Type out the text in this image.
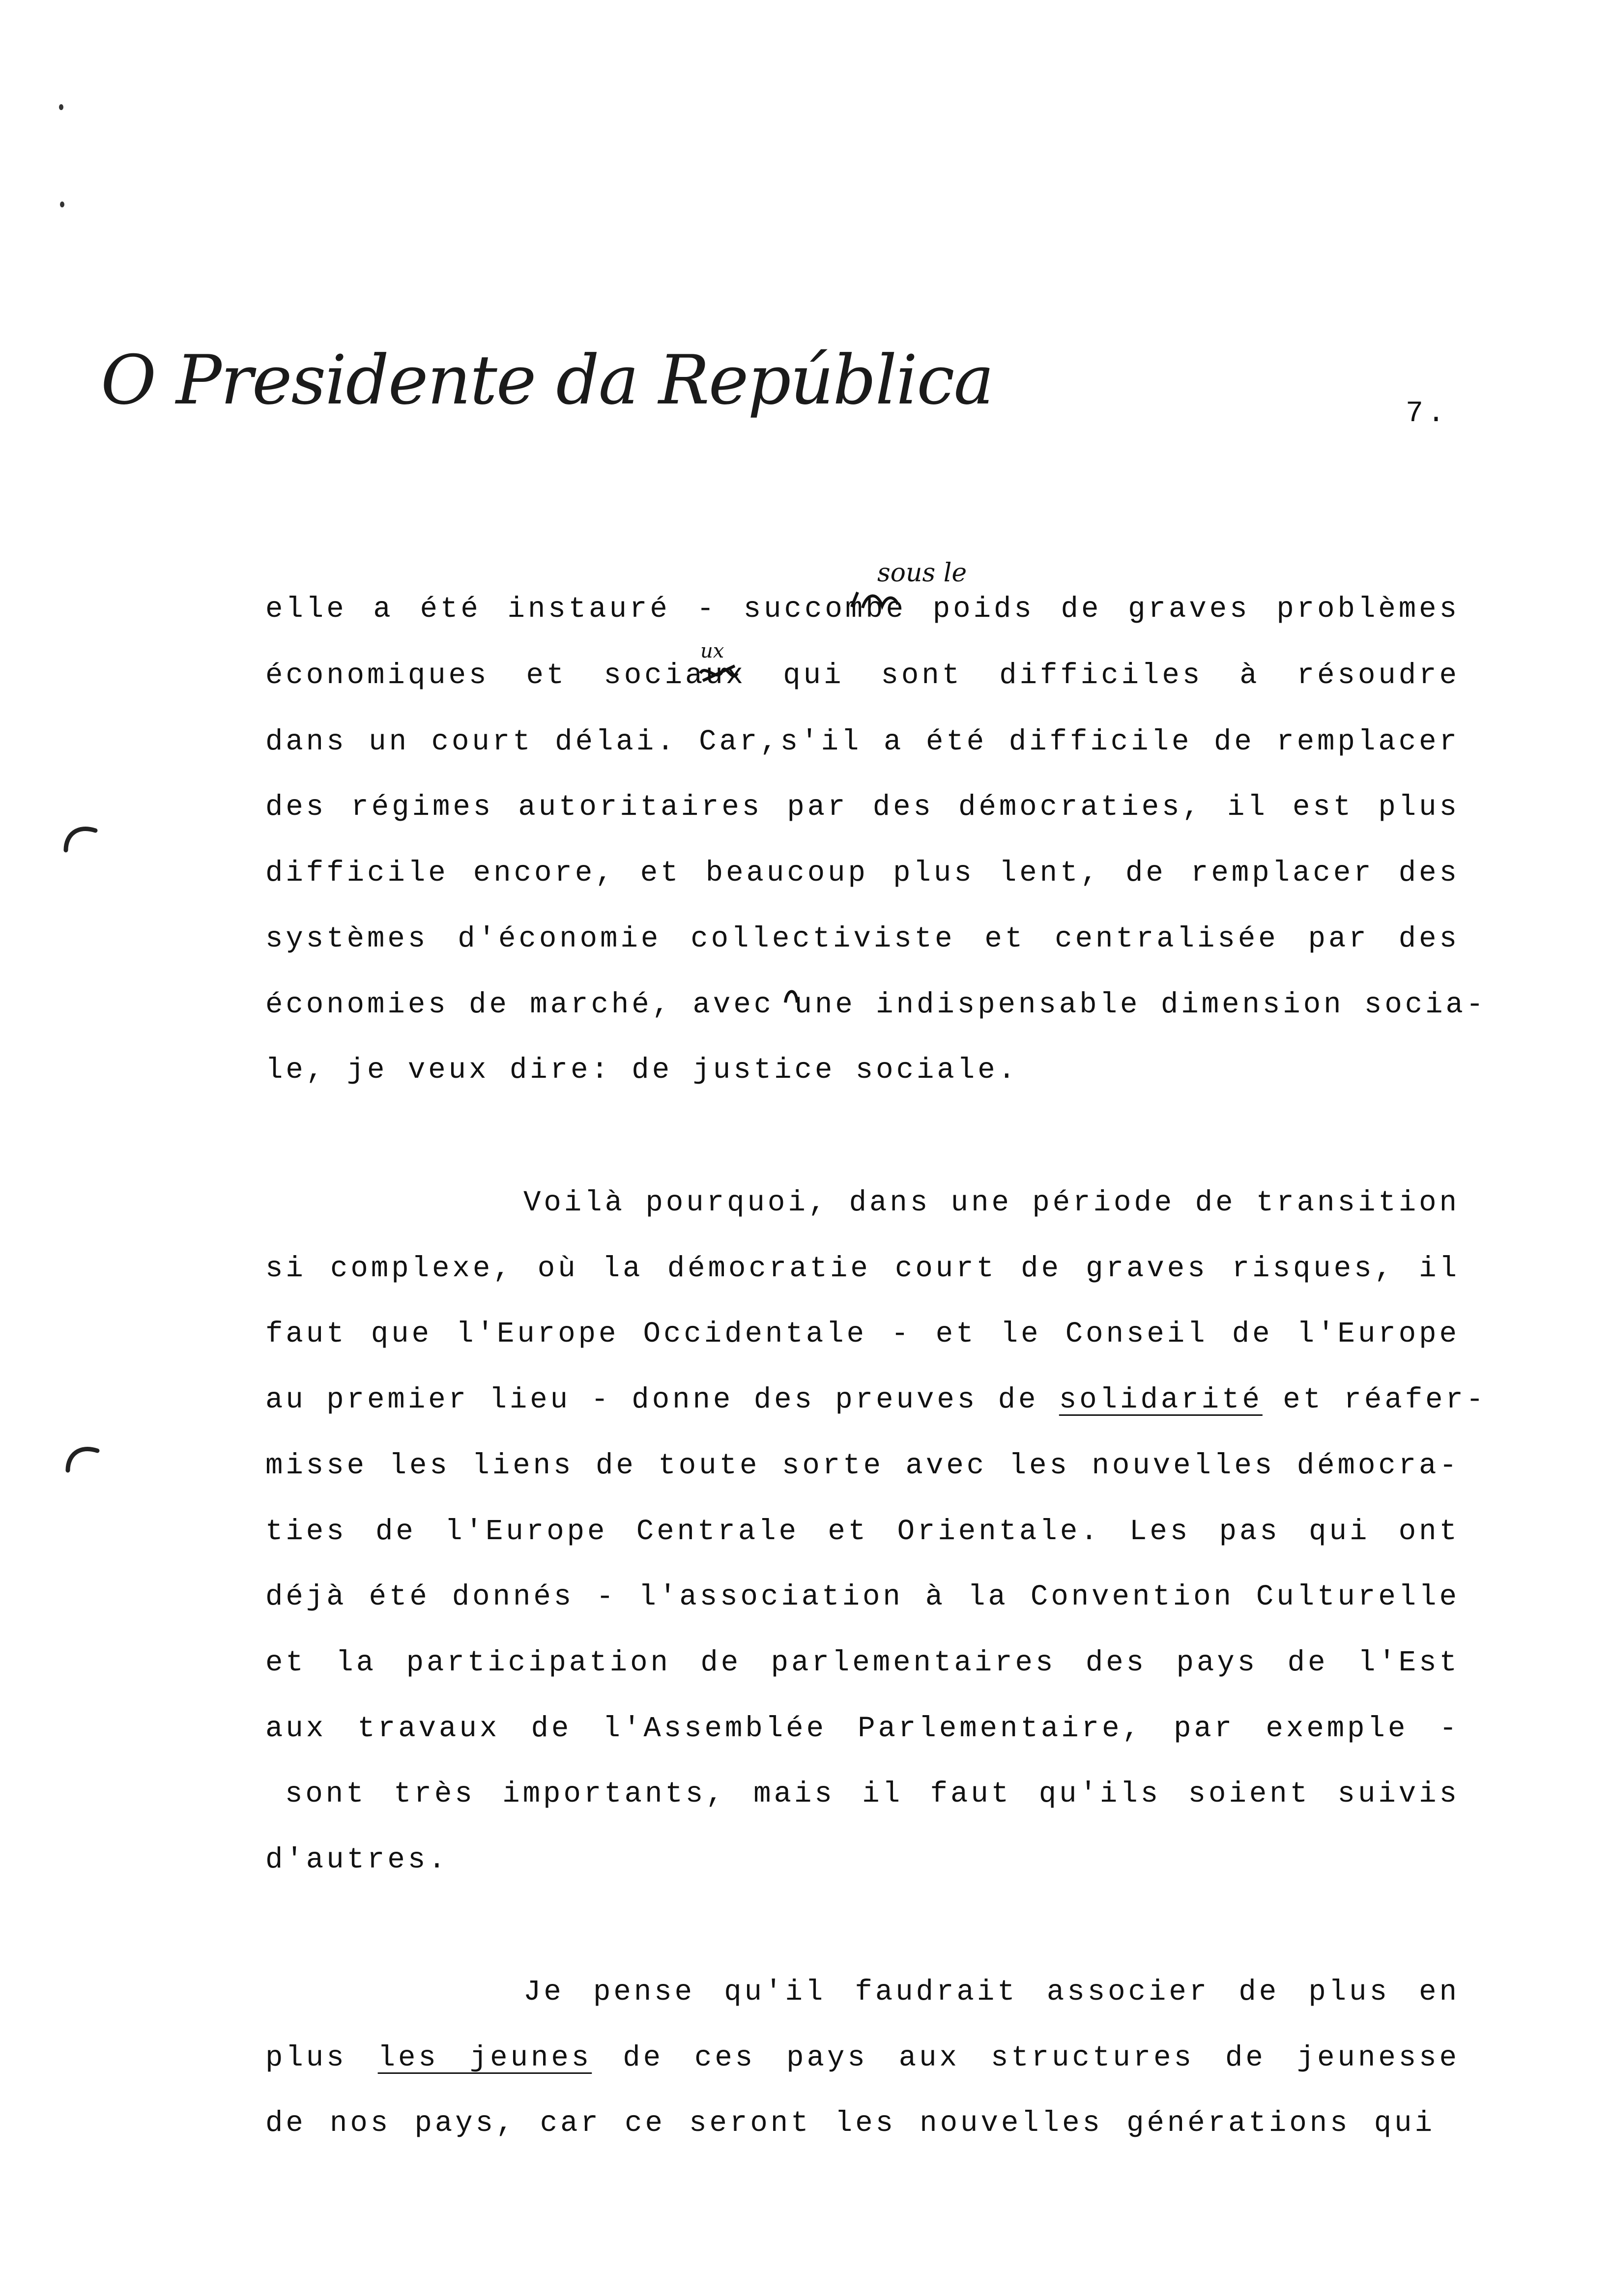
O Presidente da República	7.
sous le
ux
elle a été instauré - succombe poids de graves problèmes
économiques et sociaux qui sont difficiles à résoudre
dans un court délai. Car,s'il a été difficile de remplacer
des régimes autoritaires par des démocraties, il est plus
difficile encore, et beaucoup plus lent, de remplacer des
systèmes d'économie collectiviste et centralisée par des
économies de marché, avec une indispensable dimension socia-
le, je veux dire: de justice sociale.
Voilà pourquoi, dans une période de transition
si complexe, où la démocratie court de graves risques, il
faut que l'Europe Occidentale - et le Conseil de l'Europe
au premier lieu - donne des preuves de solidarité et réafer-
misse les liens de toute sorte avec les nouvelles démocra-
ties de l'Europe Centrale et Orientale. Les pas qui ont
déjà été donnés - l'association à la Convention Culturelle
et la participation de parlementaires des pays de l'Est
aux travaux de l'Assemblée Parlementaire, par exemple -
sont très importants, mais il faut qu'ils soient suivis
d'autres.
Je pense qu'il faudrait associer de plus en
plus les jeunes de ces pays aux structures de jeunesse
de nos pays, car ce seront les nouvelles générations qui
